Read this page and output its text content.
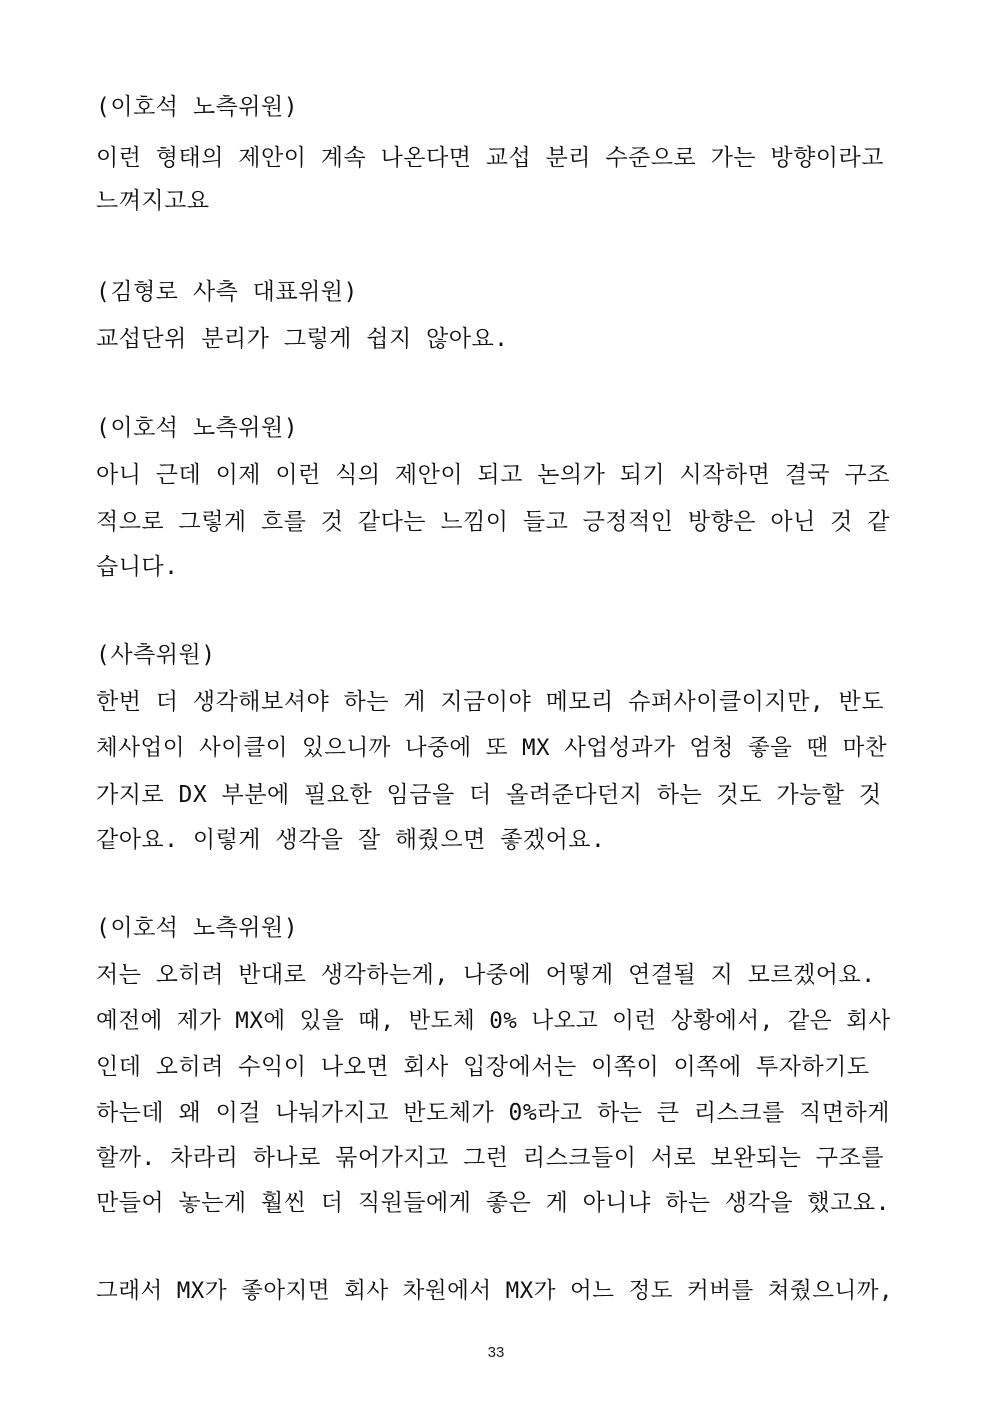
(이호석 노측위원)
이런 형태의 제안이 계속 나온다면 교섭 분리 수준으로 가는 방향이라고
느껴지고요
(김형로 사측 대표위원)
교섭단위 분리가 그렇게 쉽지 않아요.
(이호석 노측위원)
아니 근데 이제 이런 식의 제안이 되고 논의가 되기 시작하면 결국 구조
적으로 그렇게 흐를 것 같다는 느낌이 들고 긍정적인 방향은 아닌 것 같
습니다.
(사측위원)
한번 더 생각해보셔야 하는 게 지금이야 메모리 슈퍼사이클이지만, 반도
체사업이 사이클이 있으니까 나중에 또 MX 사업성과가 엄청 좋을 땐 마찬
가지로 DX 부분에 필요한 임금을 더 올려준다던지 하는 것도 가능할 것
같아요. 이렇게 생각을 잘 해줬으면 좋겠어요.
(이호석 노측위원)
저는 오히려 반대로 생각하는게, 나중에 어떻게 연결될 지 모르겠어요.
예전에 제가 MX에 있을 때, 반도체 0% 나오고 이런 상황에서, 같은 회사
인데 오히려 수익이 나오면 회사 입장에서는 이쪽이 이쪽에 투자하기도
하는데 왜 이걸 나눠가지고 반도체가 0%라고 하는 큰 리스크를 직면하게
할까. 차라리 하나로 묶어가지고 그런 리스크들이 서로 보완되는 구조를
만들어 놓는게 훨씬 더 직원들에게 좋은 게 아니냐 하는 생각을 했고요.
그래서 MX가 좋아지면 회사 차원에서 MX가 어느 정도 커버를 쳐줬으니까,
33
